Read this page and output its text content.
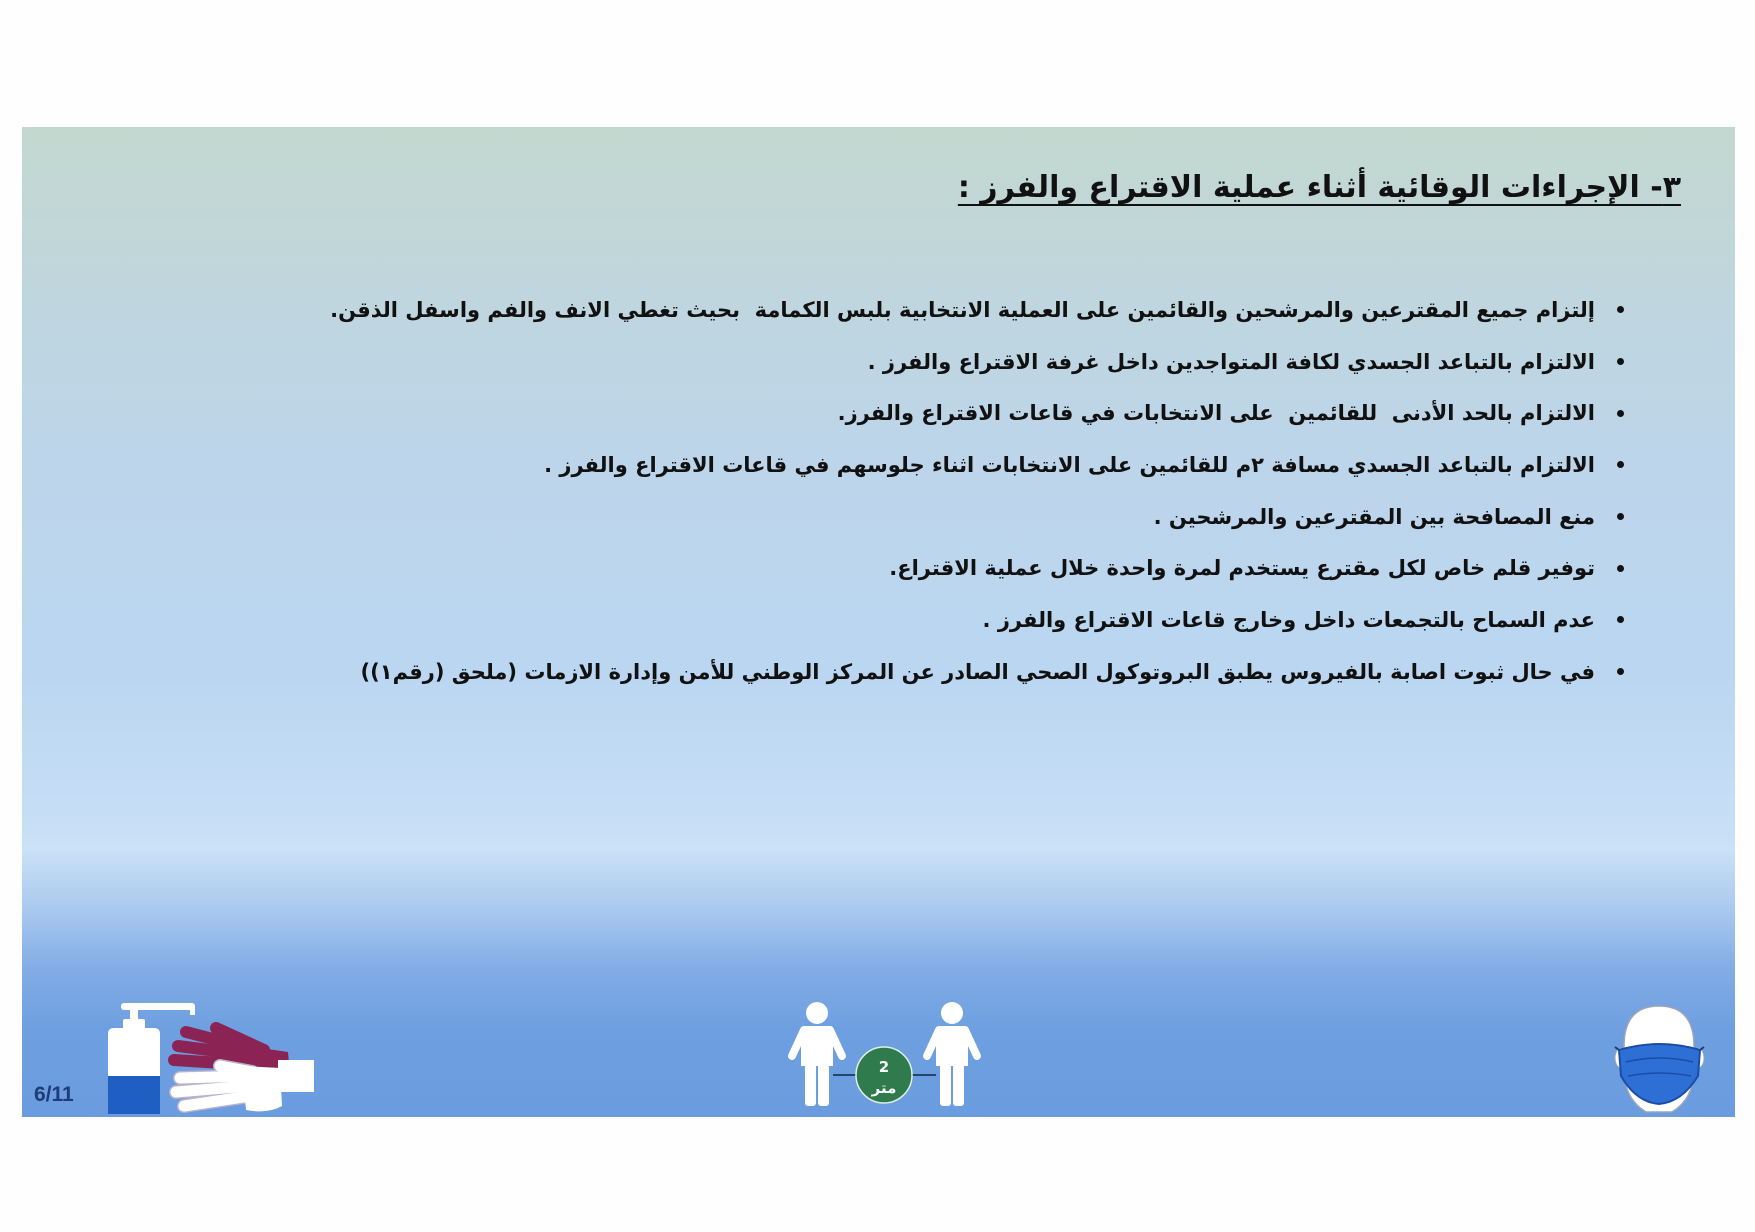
٣- الإجراءات الوقائية أثناء عملية الاقتراع والفرز :
إلتزام جميع المقترعين والمرشحين والقائمين على العملية الانتخابية بلبس الكمامة  بحيث تغطي الانف والفم واسفل الذقن.
الالتزام بالتباعد الجسدي لكافة المتواجدين داخل غرفة الاقتراع والفرز .
الالتزام بالحد الأدنى  للقائمين  على الانتخابات في قاعات الاقتراع والفرز.
الالتزام بالتباعد الجسدي مسافة ٢م للقائمين على الانتخابات اثناء جلوسهم في قاعات الاقتراع والفرز .
منع المصافحة بين المقترعين والمرشحين .
توفير قلم خاص لكل مقترع يستخدم لمرة واحدة خلال عملية الاقتراع.
عدم السماح بالتجمعات داخل وخارج قاعات الاقتراع والفرز .
في حال ثبوت اصابة بالفيروس يطبق البروتوكول الصحي الصادر عن المركز الوطني للأمن وإدارة الازمات (ملحق (رقم١))
6/11
2
متر
